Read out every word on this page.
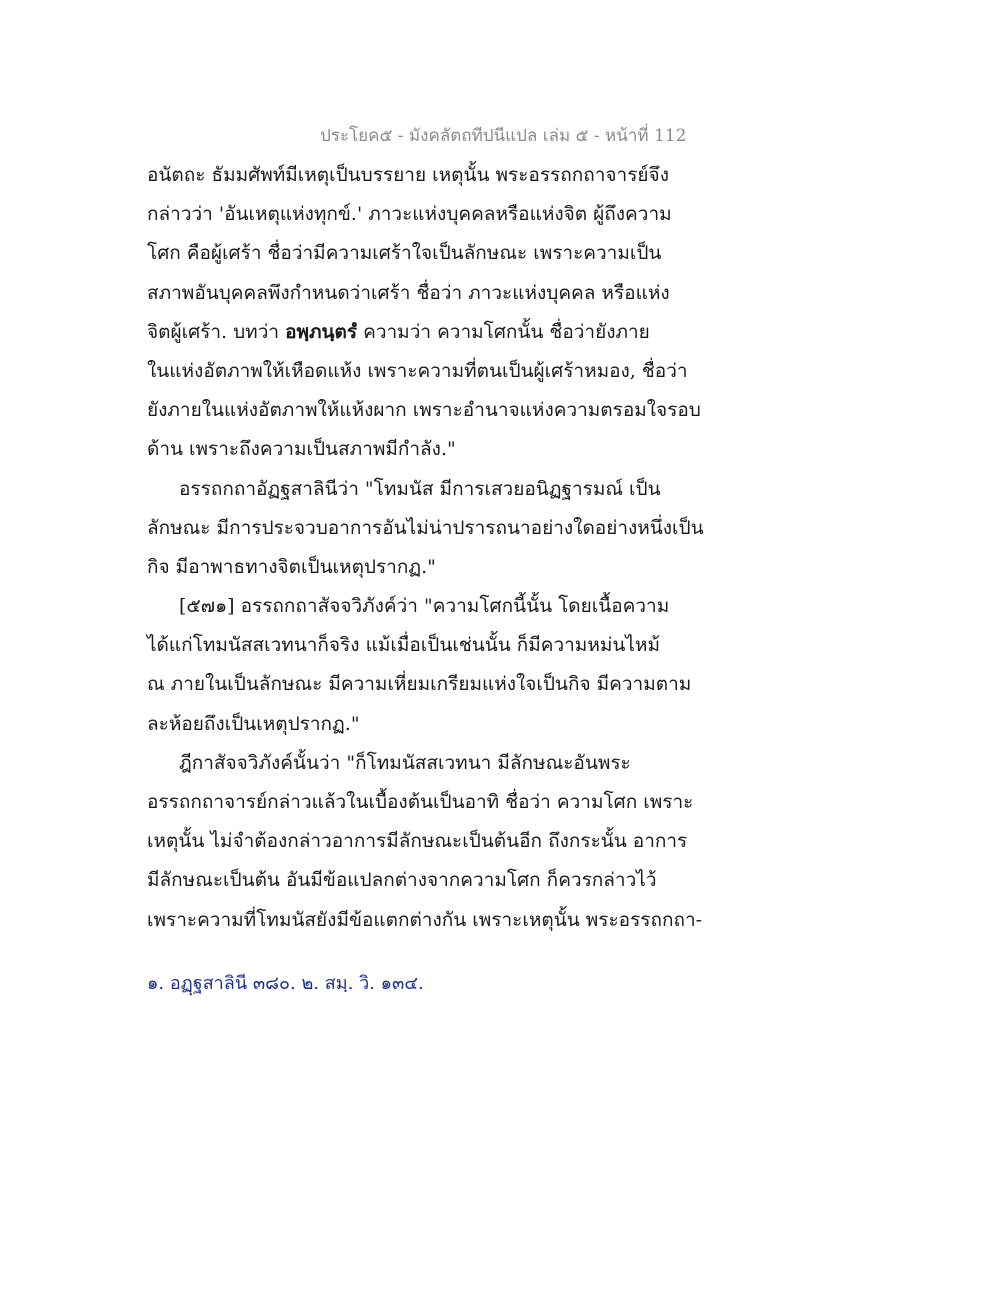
ประโยค๕ - มังคลัตถทีปนีแปล เล่ม ๕ - หน้าที่ 112
อนัตถะ ธัมมศัพท์มีเหตุเป็นบรรยาย เหตุนั้น พระอรรถกถาจารย์จึง
กล่าวว่า 'อันเหตุแห่งทุกข์.' ภาวะแห่งบุคคลหรือแห่งจิต ผู้ถึงความ
โศก คือผู้เศร้า ชื่อว่ามีความเศร้าใจเป็นลักษณะ เพราะความเป็น
สภาพอันบุคคลพึงกำหนดว่าเศร้า ชื่อว่า ภาวะแห่งบุคคล หรือแห่ง
จิตผู้เศร้า. บทว่า อพฺภนฺตรํ ความว่า ความโศกนั้น ชื่อว่ายังภาย
ในแห่งอัตภาพให้เหือดแห้ง เพราะความที่ตนเป็นผู้เศร้าหมอง, ชื่อว่า
ยังภายในแห่งอัตภาพให้แห้งผาก เพราะอำนาจแห่งความตรอมใจรอบ
ด้าน เพราะถึงความเป็นสภาพมีกำลัง."
อรรถกถาอัฏฐสาลินีว่า "โทมนัส มีการเสวยอนิฏฐารมณ์ เป็น
ลักษณะ มีการประจวบอาการอันไม่น่าปรารถนาอย่างใดอย่างหนึ่งเป็น
กิจ มีอาพาธทางจิตเป็นเหตุปรากฏ."
[๕๗๑] อรรถกถาสัจจวิภังค์ว่า "ความโศกนี้นั้น โดยเนื้อความ
ได้แก่โทมนัสสเวทนาก็จริง แม้เมื่อเป็นเช่นนั้น ก็มีความหม่นไหม้
ณ ภายในเป็นลักษณะ มีความเหี่ยมเกรียมแห่งใจเป็นกิจ มีความตาม
ละห้อยถึงเป็นเหตุปรากฏ."
ฎีกาสัจจวิภังค์นั้นว่า "ก็โทมนัสสเวทนา มีลักษณะอันพระ
อรรถกถาจารย์กล่าวแล้วในเบื้องต้นเป็นอาทิ ชื่อว่า ความโศก เพราะ
เหตุนั้น ไม่จำต้องกล่าวอาการมีลักษณะเป็นต้นอีก ถึงกระนั้น อาการ
มีลักษณะเป็นต้น อันมีข้อแปลกต่างจากความโศก ก็ควรกล่าวไว้
เพราะความที่โทมนัสยังมีข้อแตกต่างกัน เพราะเหตุนั้น พระอรรถกถา-
๑. อฏฺฐสาลินี ๓๘๐. ๒. สมฺ. วิ. ๑๓๔.
